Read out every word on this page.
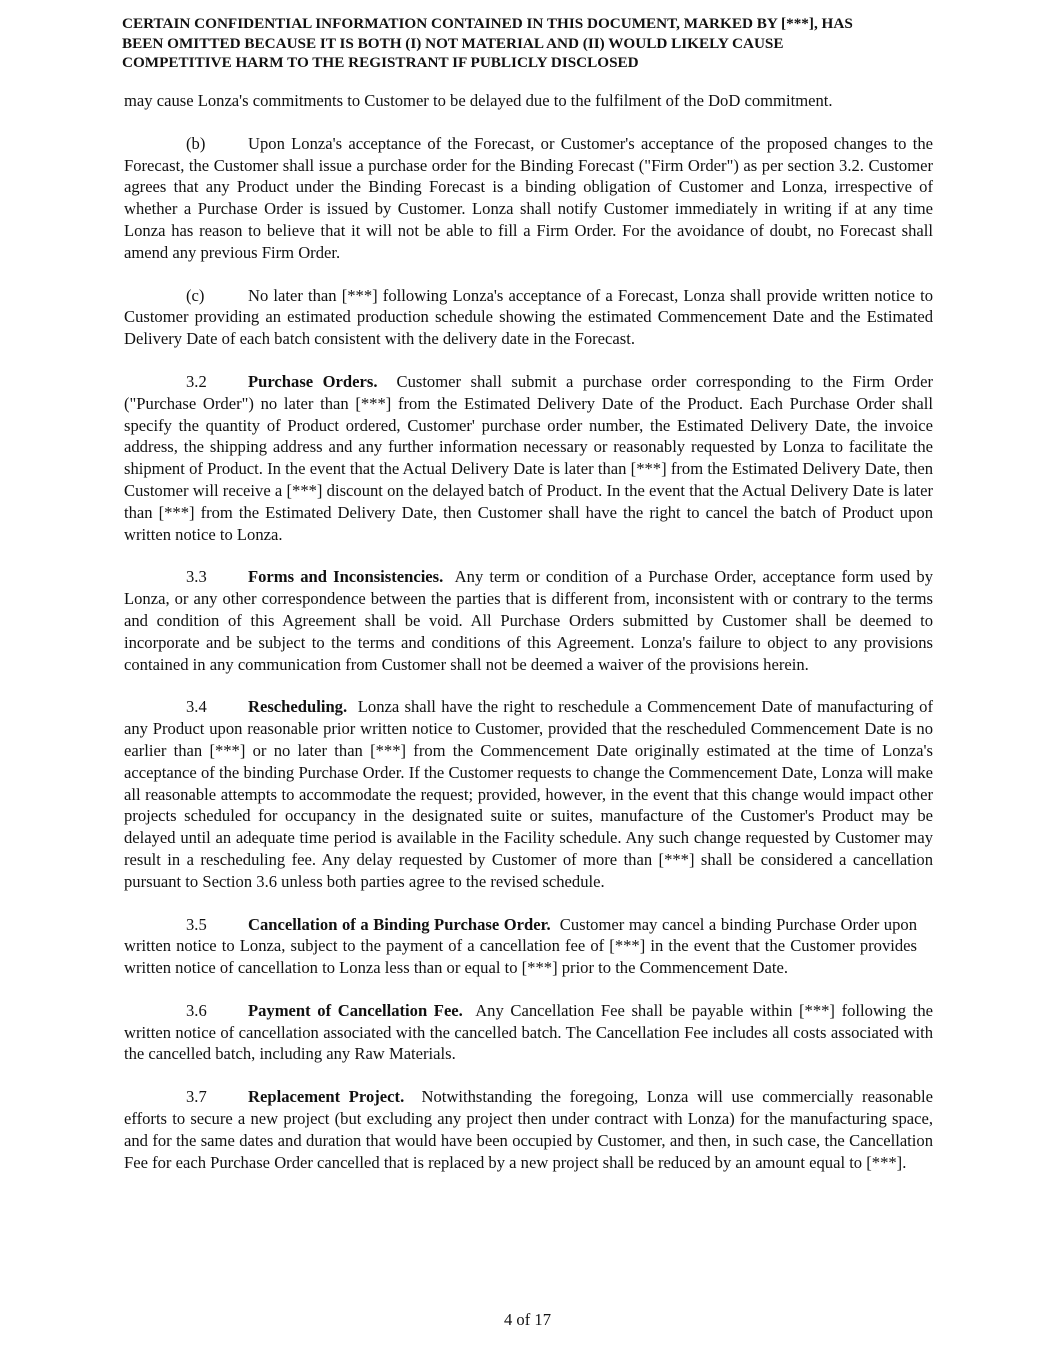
CERTAIN CONFIDENTIAL INFORMATION CONTAINED IN THIS DOCUMENT, MARKED BY [***], HAS
BEEN OMITTED BECAUSE IT IS BOTH (I) NOT MATERIAL AND (II) WOULD LIKELY CAUSE
COMPETITIVE HARM TO THE REGISTRANT IF PUBLICLY DISCLOSED

may cause Lonza's commitments to Customer to be delayed due to the fulfilment of the DoD commitment.

(b)	Upon Lonza's acceptance of the Forecast, or Customer's acceptance of the proposed changes to the Forecast, the Customer shall issue a purchase order for the Binding Forecast ("Firm Order") as per section 3.2. Customer agrees that any Product under the Binding Forecast is a binding obligation of Customer and Lonza, irrespective of whether a Purchase Order is issued by Customer. Lonza shall notify Customer immediately in writing if at any time Lonza has reason to believe that it will not be able to fill a Firm Order. For the avoidance of doubt, no Forecast shall amend any previous Firm Order.

(c)	No later than [***] following Lonza's acceptance of a Forecast, Lonza shall provide written notice to Customer providing an estimated production schedule showing the estimated Commencement Date and the Estimated Delivery Date of each batch consistent with the delivery date in the Forecast.

3.2 Purchase Orders. Customer shall submit a purchase order corresponding to the Firm Order ("Purchase Order") no later than [***] from the Estimated Delivery Date of the Product. Each Purchase Order shall specify the quantity of Product ordered, Customer' purchase order number, the Estimated Delivery Date, the invoice address, the shipping address and any further information necessary or reasonably requested by Lonza to facilitate the shipment of Product. In the event that the Actual Delivery Date is later than [***] from the Estimated Delivery Date, then Customer will receive a [***] discount on the delayed batch of Product. In the event that the Actual Delivery Date is later than [***] from the Estimated Delivery Date, then Customer shall have the right to cancel the batch of Product upon written notice to Lonza.

3.3 Forms and Inconsistencies. Any term or condition of a Purchase Order, acceptance form used by Lonza, or any other correspondence between the parties that is different from, inconsistent with or contrary to the terms and condition of this Agreement shall be void. All Purchase Orders submitted by Customer shall be deemed to incorporate and be subject to the terms and conditions of this Agreement. Lonza's failure to object to any provisions contained in any communication from Customer shall not be deemed a waiver of the provisions herein.

3.4 Rescheduling. Lonza shall have the right to reschedule a Commencement Date of manufacturing of any Product upon reasonable prior written notice to Customer, provided that the rescheduled Commencement Date is no earlier than [***] or no later than [***] from the Commencement Date originally estimated at the time of Lonza's acceptance of the binding Purchase Order. If the Customer requests to change the Commencement Date, Lonza will make all reasonable attempts to accommodate the request; provided, however, in the event that this change would impact other projects scheduled for occupancy in the designated suite or suites, manufacture of the Customer's Product may be delayed until an adequate time period is available in the Facility schedule. Any such change requested by Customer may result in a rescheduling fee. Any delay requested by Customer of more than [***] shall be considered a cancellation pursuant to Section 3.6 unless both parties agree to the revised schedule.

3.5 Cancellation of a Binding Purchase Order. Customer may cancel a binding Purchase Order upon written notice to Lonza, subject to the payment of a cancellation fee of [***] in the event that the Customer provides written notice of cancellation to Lonza less than or equal to [***] prior to the Commencement Date.

3.6 Payment of Cancellation Fee. Any Cancellation Fee shall be payable within [***] following the written notice of cancellation associated with the cancelled batch. The Cancellation Fee includes all costs associated with the cancelled batch, including any Raw Materials.

3.7 Replacement Project. Notwithstanding the foregoing, Lonza will use commercially reasonable efforts to secure a new project (but excluding any project then under contract with Lonza) for the manufacturing space, and for the same dates and duration that would have been occupied by Customer, and then, in such case, the Cancellation Fee for each Purchase Order cancelled that is replaced by a new project shall be reduced by an amount equal to [***].

4 of 17
